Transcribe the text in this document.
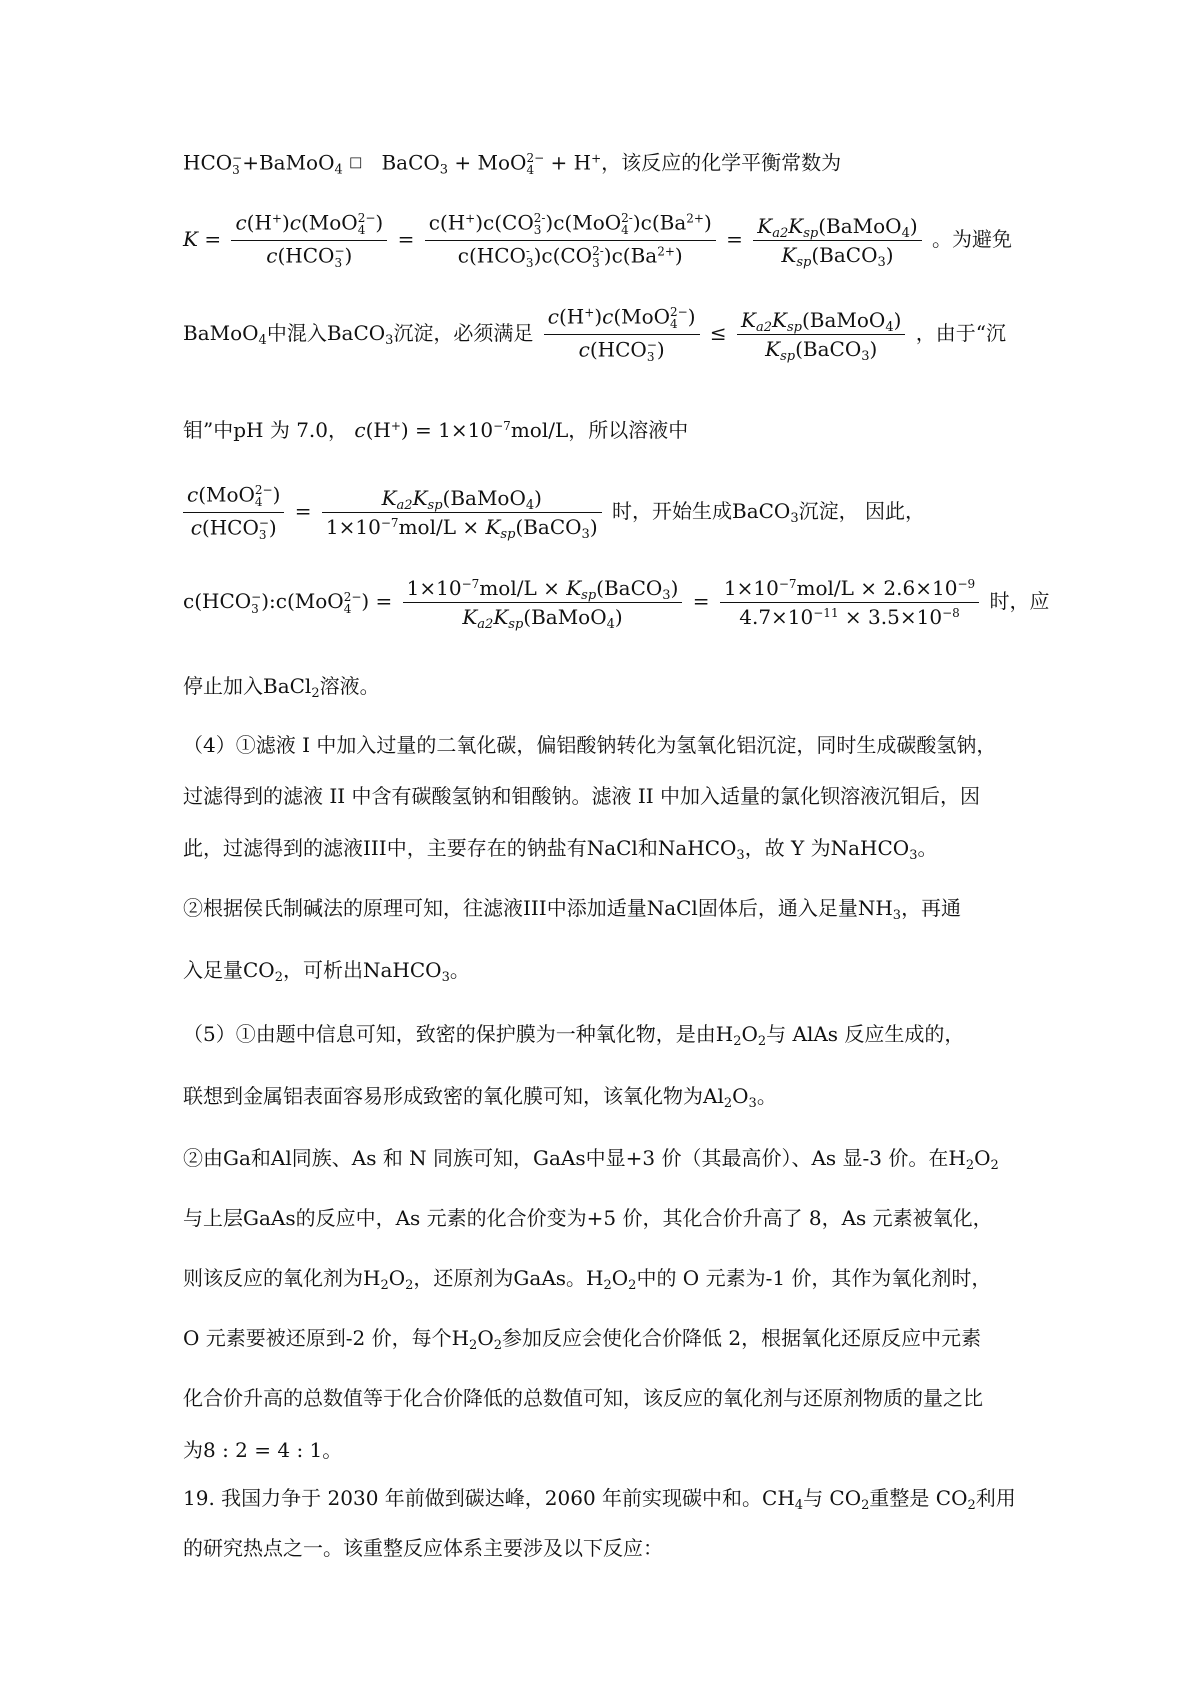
HCO −
3 +BaMoO$_4$ □ BaCO$_3$ + MoO 2−
4 + H+，该反应的化学平衡常数为
K = c(H+)c(MoO 2−
4 )
c(HCO −
3 ) = c(H+)c(CO 2-
3 )c(MoO 2-
4 )$c(Ba^{2+})$
c(HCO -
3 )c(CO 2-
3 )$c(Ba^{2+}) = \frac{K_{a2}K_{sp}(BaMoO_4)}{K_{sp}(BaCO_3)}$ 。为避免
BaMoO$_4$中混入BaCO$_3$沉淀，必须满足 c(H+)c(MoO 2−
4 )
c(HCO −
3 ) ≤ $\frac{K_{a2}K_{sp}(BaMoO_4)}{K_{sp}(BaCO_3)}$ ，由于“沉
钼”中pH 为 7.0， $c(H^+) = 1\times 10^{-7}mol/L$，所以溶液中
c(MoO 2−
4 )
c(HCO −
3 ) = $\frac{K_{a2}K_{sp}(BaMoO_4)}{1\times 10^{-7}mol/L \times K_{sp}(BaCO_3)}$ 时，开始生成BaCO$_3$沉淀， 因此，
c(HCO −
3 ):c(MoO 2−
4 ) = $\frac{1\times 10^{-7}mol/L \times K_{sp}(BaCO_3)}{K_{a2}K_{sp}(BaMoO_4)} = \frac{1\times 10^{-7}mol/L \times 2.6\times 10^{-9}}{4.7\times 10^{-11} \times 3.5\times 10^{-8}}$ 时，应
停止加入BaCl$_2$溶液。
（4）①滤液 I 中加入过量的二氧化碳，偏铝酸钠转化为氢氧化铝沉淀，同时生成碳酸氢钠，
过滤得到的滤液 II 中含有碳酸氢钠和钼酸钠。滤液 II 中加入适量的氯化钡溶液沉钼后，因
此，过滤得到的滤液III中，主要存在的钠盐有NaCl和NaHCO$_3$，故 Y 为NaHCO$_3$。
②根据侯氏制碱法的原理可知，往滤液III中添加适量NaCl固体后，通入足量$NH_3$，再通
入足量$CO_2$，可析出NaHCO$_3$。
（5）①由题中信息可知，致密的保护膜为一种氧化物，是由$H_2O_2$与 AlAs 反应生成的，
联想到金属铝表面容易形成致密的氧化膜可知，该氧化物为$Al_2O_3$。
②由Ga和Al同族、As 和 N 同族可知，GaAs中显+3 价（其最高价）、As 显-3 价。在$H_2O_2$
与上层GaAs的反应中，As 元素的化合价变为+5 价，其化合价升高了 8，As 元素被氧化，
则该反应的氧化剂为$H_2O_2$，还原剂为GaAs。$H_2O_2$中的 O 元素为-1 价，其作为氧化剂时，
O 元素要被还原到-2 价，每个$H_2O_2$参加反应会使化合价降低 2，根据氧化还原反应中元素
化合价升高的总数值等于化合价降低的总数值可知，该反应的氧化剂与还原剂物质的量之比
为8 : 2 = 4 : 1。
19. 我国力争于 2030 年前做到碳达峰，2060 年前实现碳中和。$CH_4$与 $CO_2$重整是 $CO_2$利用
的研究热点之一。该重整反应体系主要涉及以下反应：
